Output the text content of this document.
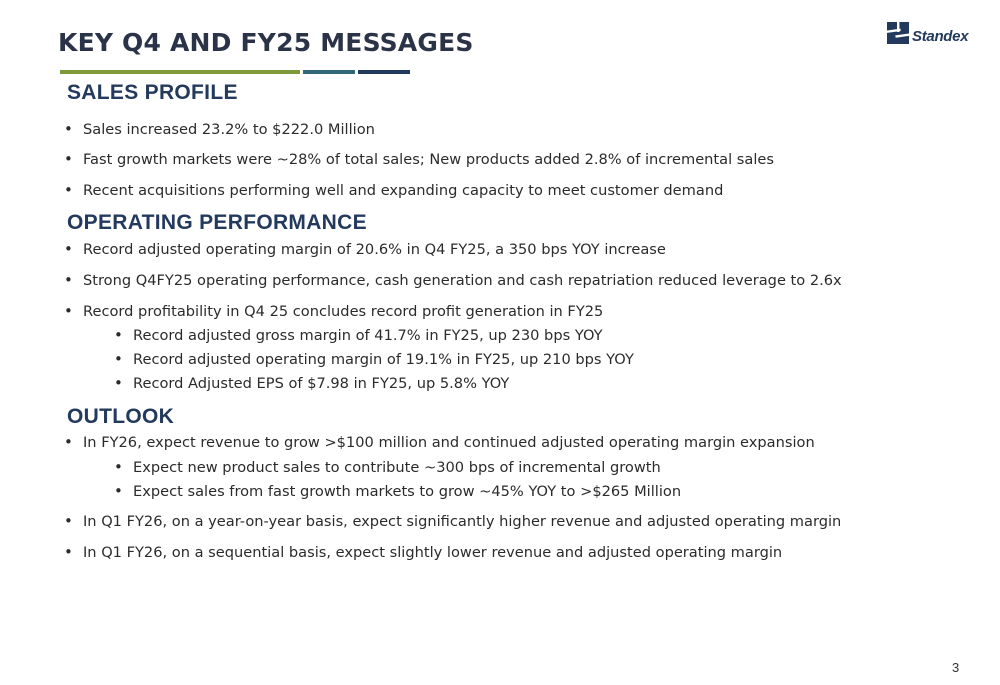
KEY Q4 AND FY25 MESSAGES	Standex
SALES PROFILE
• Sales increased 23.2% to $222.0 Million
• Fast growth markets were ~28% of total sales; New products added 2.8% of incremental sales
• Recent acquisitions performing well and expanding capacity to meet customer demand
OPERATING PERFORMANCE
• Record adjusted operating margin of 20.6% in Q4 FY25, a 350 bps YOY increase
• Strong Q4FY25 operating performance, cash generation and cash repatriation reduced leverage to 2.6x
• Record profitability in Q4 25 concludes record profit generation in FY25
• Record adjusted gross margin of 41.7% in FY25, up 230 bps YOY
• Record adjusted operating margin of 19.1% in FY25, up 210 bps YOY
• Record Adjusted EPS of $7.98 in FY25, up 5.8% YOY
OUTLOOK
• In FY26, expect revenue to grow >$100 million and continued adjusted operating margin expansion
• Expect new product sales to contribute ~300 bps of incremental growth
• Expect sales from fast growth markets to grow ~45% YOY to >$265 Million
• In Q1 FY26, on a year-on-year basis, expect significantly higher revenue and adjusted operating margin
• In Q1 FY26, on a sequential basis, expect slightly lower revenue and adjusted operating margin
3
